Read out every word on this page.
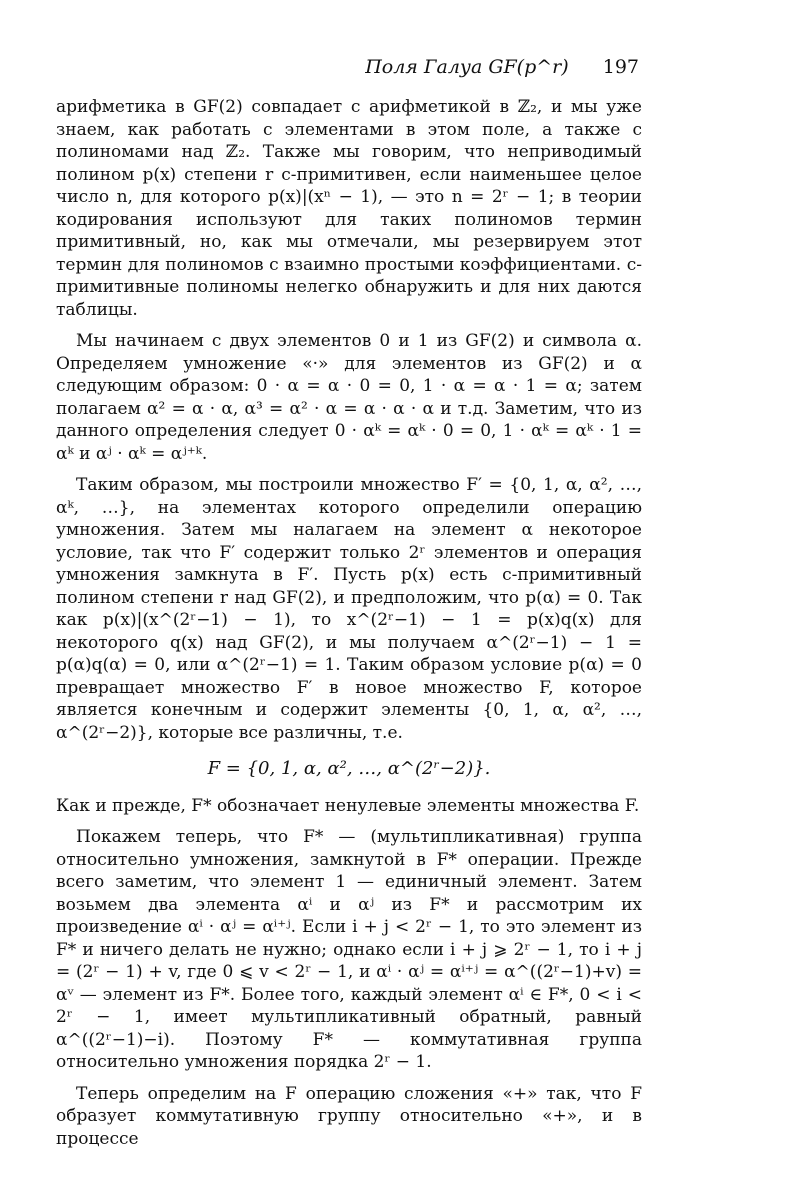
Поля Галуа GF(p^r) 197

арифметика в GF(2) совпадает с арифметикой в ℤ₂, и мы уже знаем, как работать с элементами в этом поле, а также с полиномами над ℤ₂. Также мы говорим, что неприводимый полином p(x) степени r c-примитивен, если наименьшее целое число n, для которого p(x)|(xⁿ − 1), — это n = 2ʳ − 1; в теории кодирования используют для таких полиномов термин примитивный, но, как мы отмечали, мы резервируем этот термин для полиномов с взаимно простыми коэффициентами. c-примитивные полиномы нелегко обнаружить и для них даются таблицы.

Мы начинаем с двух элементов 0 и 1 из GF(2) и символа α. Определяем умножение «·» для элементов из GF(2) и α следующим образом: 0 · α = α · 0 = 0, 1 · α = α · 1 = α; затем полагаем α² = α · α, α³ = α² · α = α · α · α и т.д. Заметим, что из данного определения следует 0 · αᵏ = αᵏ · 0 = 0, 1 · αᵏ = αᵏ · 1 = αᵏ и αʲ · αᵏ = αʲ⁺ᵏ.

Таким образом, мы построили множество F′ = {0, 1, α, α², …, αᵏ, …}, на элементах которого определили операцию умножения. Затем мы налагаем на элемент α некоторое условие, так что F′ содержит только 2ʳ элементов и операция умножения замкнута в F′. Пусть p(x) есть c-примитивный полином степени r над GF(2), и предположим, что p(α) = 0. Так как p(x)|(x^(2ʳ−1) − 1), то x^(2ʳ−1) − 1 = p(x)q(x) для некоторого q(x) над GF(2), и мы получаем α^(2ʳ−1) − 1 = p(α)q(α) = 0, или α^(2ʳ−1) = 1. Таким образом условие p(α) = 0 превращает множество F′ в новое множество F, которое является конечным и содержит элементы {0, 1, α, α², …, α^(2ʳ−2)}, которые все различны, т.е.

F = {0, 1, α, α², …, α^(2ʳ−2)}.

Как и прежде, F* обозначает ненулевые элементы множества F.

Покажем теперь, что F* — (мультипликативная) группа относительно умножения, замкнутой в F* операции. Прежде всего заметим, что элемент 1 — единичный элемент. Затем возьмем два элемента αⁱ и αʲ из F* и рассмотрим их произведение αⁱ · αʲ = αⁱ⁺ʲ. Если i + j < 2ʳ − 1, то это элемент из F* и ничего делать не нужно; однако если i + j ⩾ 2ʳ − 1, то i + j = (2ʳ − 1) + v, где 0 ⩽ v < 2ʳ − 1, и αⁱ · αʲ = αⁱ⁺ʲ = α^((2ʳ−1)+v) = αᵛ — элемент из F*. Более того, каждый элемент αⁱ ∈ F*, 0 < i < 2ʳ − 1, имеет мультипликативный обратный, равный α^((2ʳ−1)−i). Поэтому F* — коммутативная группа относительно умножения порядка 2ʳ − 1.

Теперь определим на F операцию сложения «+» так, что F образует коммутативную группу относительно «+», и в процессе
